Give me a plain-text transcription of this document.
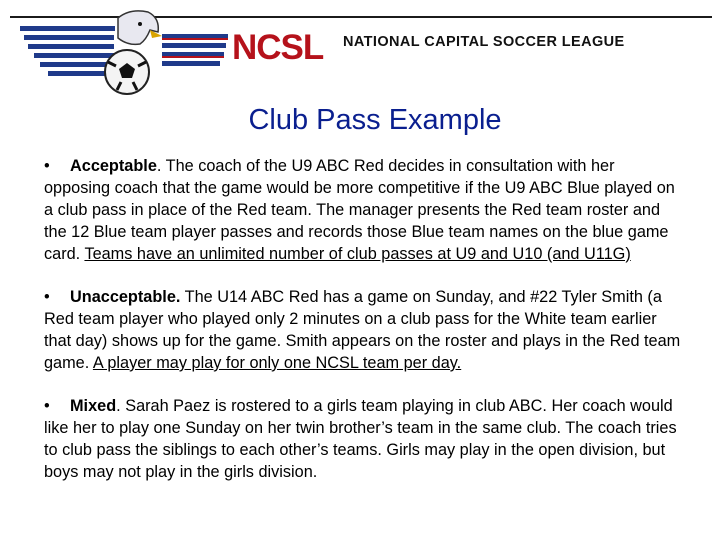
NCSL NATIONAL CAPITAL SOCCER LEAGUE
Club Pass Example

• Acceptable. The coach of the U9 ABC Red decides in consultation with her opposing coach that the game would be more competitive if the U9 ABC Blue played on a club pass in place of the Red team. The manager presents the Red team roster and the 12 Blue team player passes and records those Blue team names on the blue game card. Teams have an unlimited number of club passes at U9 and U10 (and U11G)

• Unacceptable. The U14 ABC Red has a game on Sunday, and #22 Tyler Smith (a Red team player who played only 2 minutes on a club pass for the White team earlier that day) shows up for the game. Smith appears on the roster and plays in the Red team game. A player may play for only one NCSL team per day.

• Mixed. Sarah Paez is rostered to a girls team playing in club ABC. Her coach would like her to play one Sunday on her twin brother’s team in the same club. The coach tries to club pass the siblings to each other’s teams. Girls may play in the open division, but boys may not play in the girls division.
